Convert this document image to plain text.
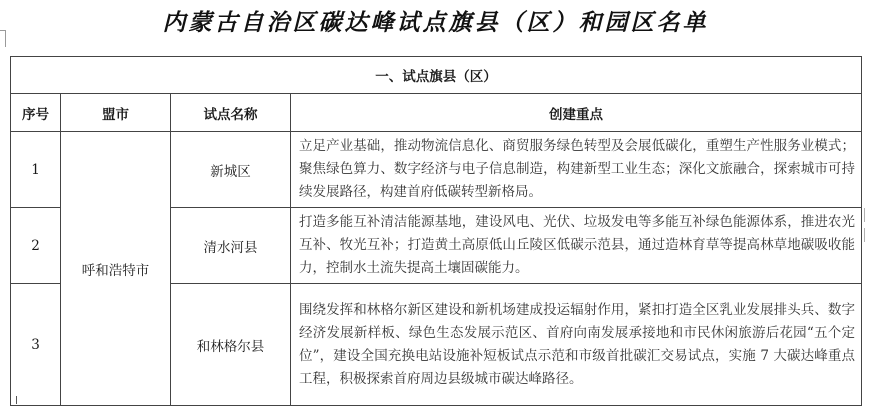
内蒙古自治区碳达峰试点旗县（区）和园区名单
一、试点旗县（区）			
序号	盟市	试点名称	创建重点
1	呼和浩特市	新城区	立足产业基础，推动物流信息化、商贸服务绿色转型及会展低碳化，重塑生产性服务业模式；聚焦绿色算力、数字经济与电子信息制造，构建新型工业生态；深化文旅融合，探索城市可持续发展路径，构建首府低碳转型新格局。
2		清水河县	打造多能互补清洁能源基地，建设风电、光伏、垃圾发电等多能互补绿色能源体系，推进农光互补、牧光互补；打造黄土高原低山丘陵区低碳示范县，通过造林育草等提高林草地碳吸收能力，控制水土流失提高土壤固碳能力。
3		和林格尔县	围绕发挥和林格尔新区建设和新机场建成投运辐射作用，紧扣打造全区乳业发展排头兵、数字经济发展新样板、绿色生态发展示范区、首府向南发展承接地和市民休闲旅游后花园“五个定位”，建设全国充换电站设施补短板试点示范和市级首批碳汇交易试点，实施 7 大碳达峰重点工程，积极探索首府周边县级城市碳达峰路径。
